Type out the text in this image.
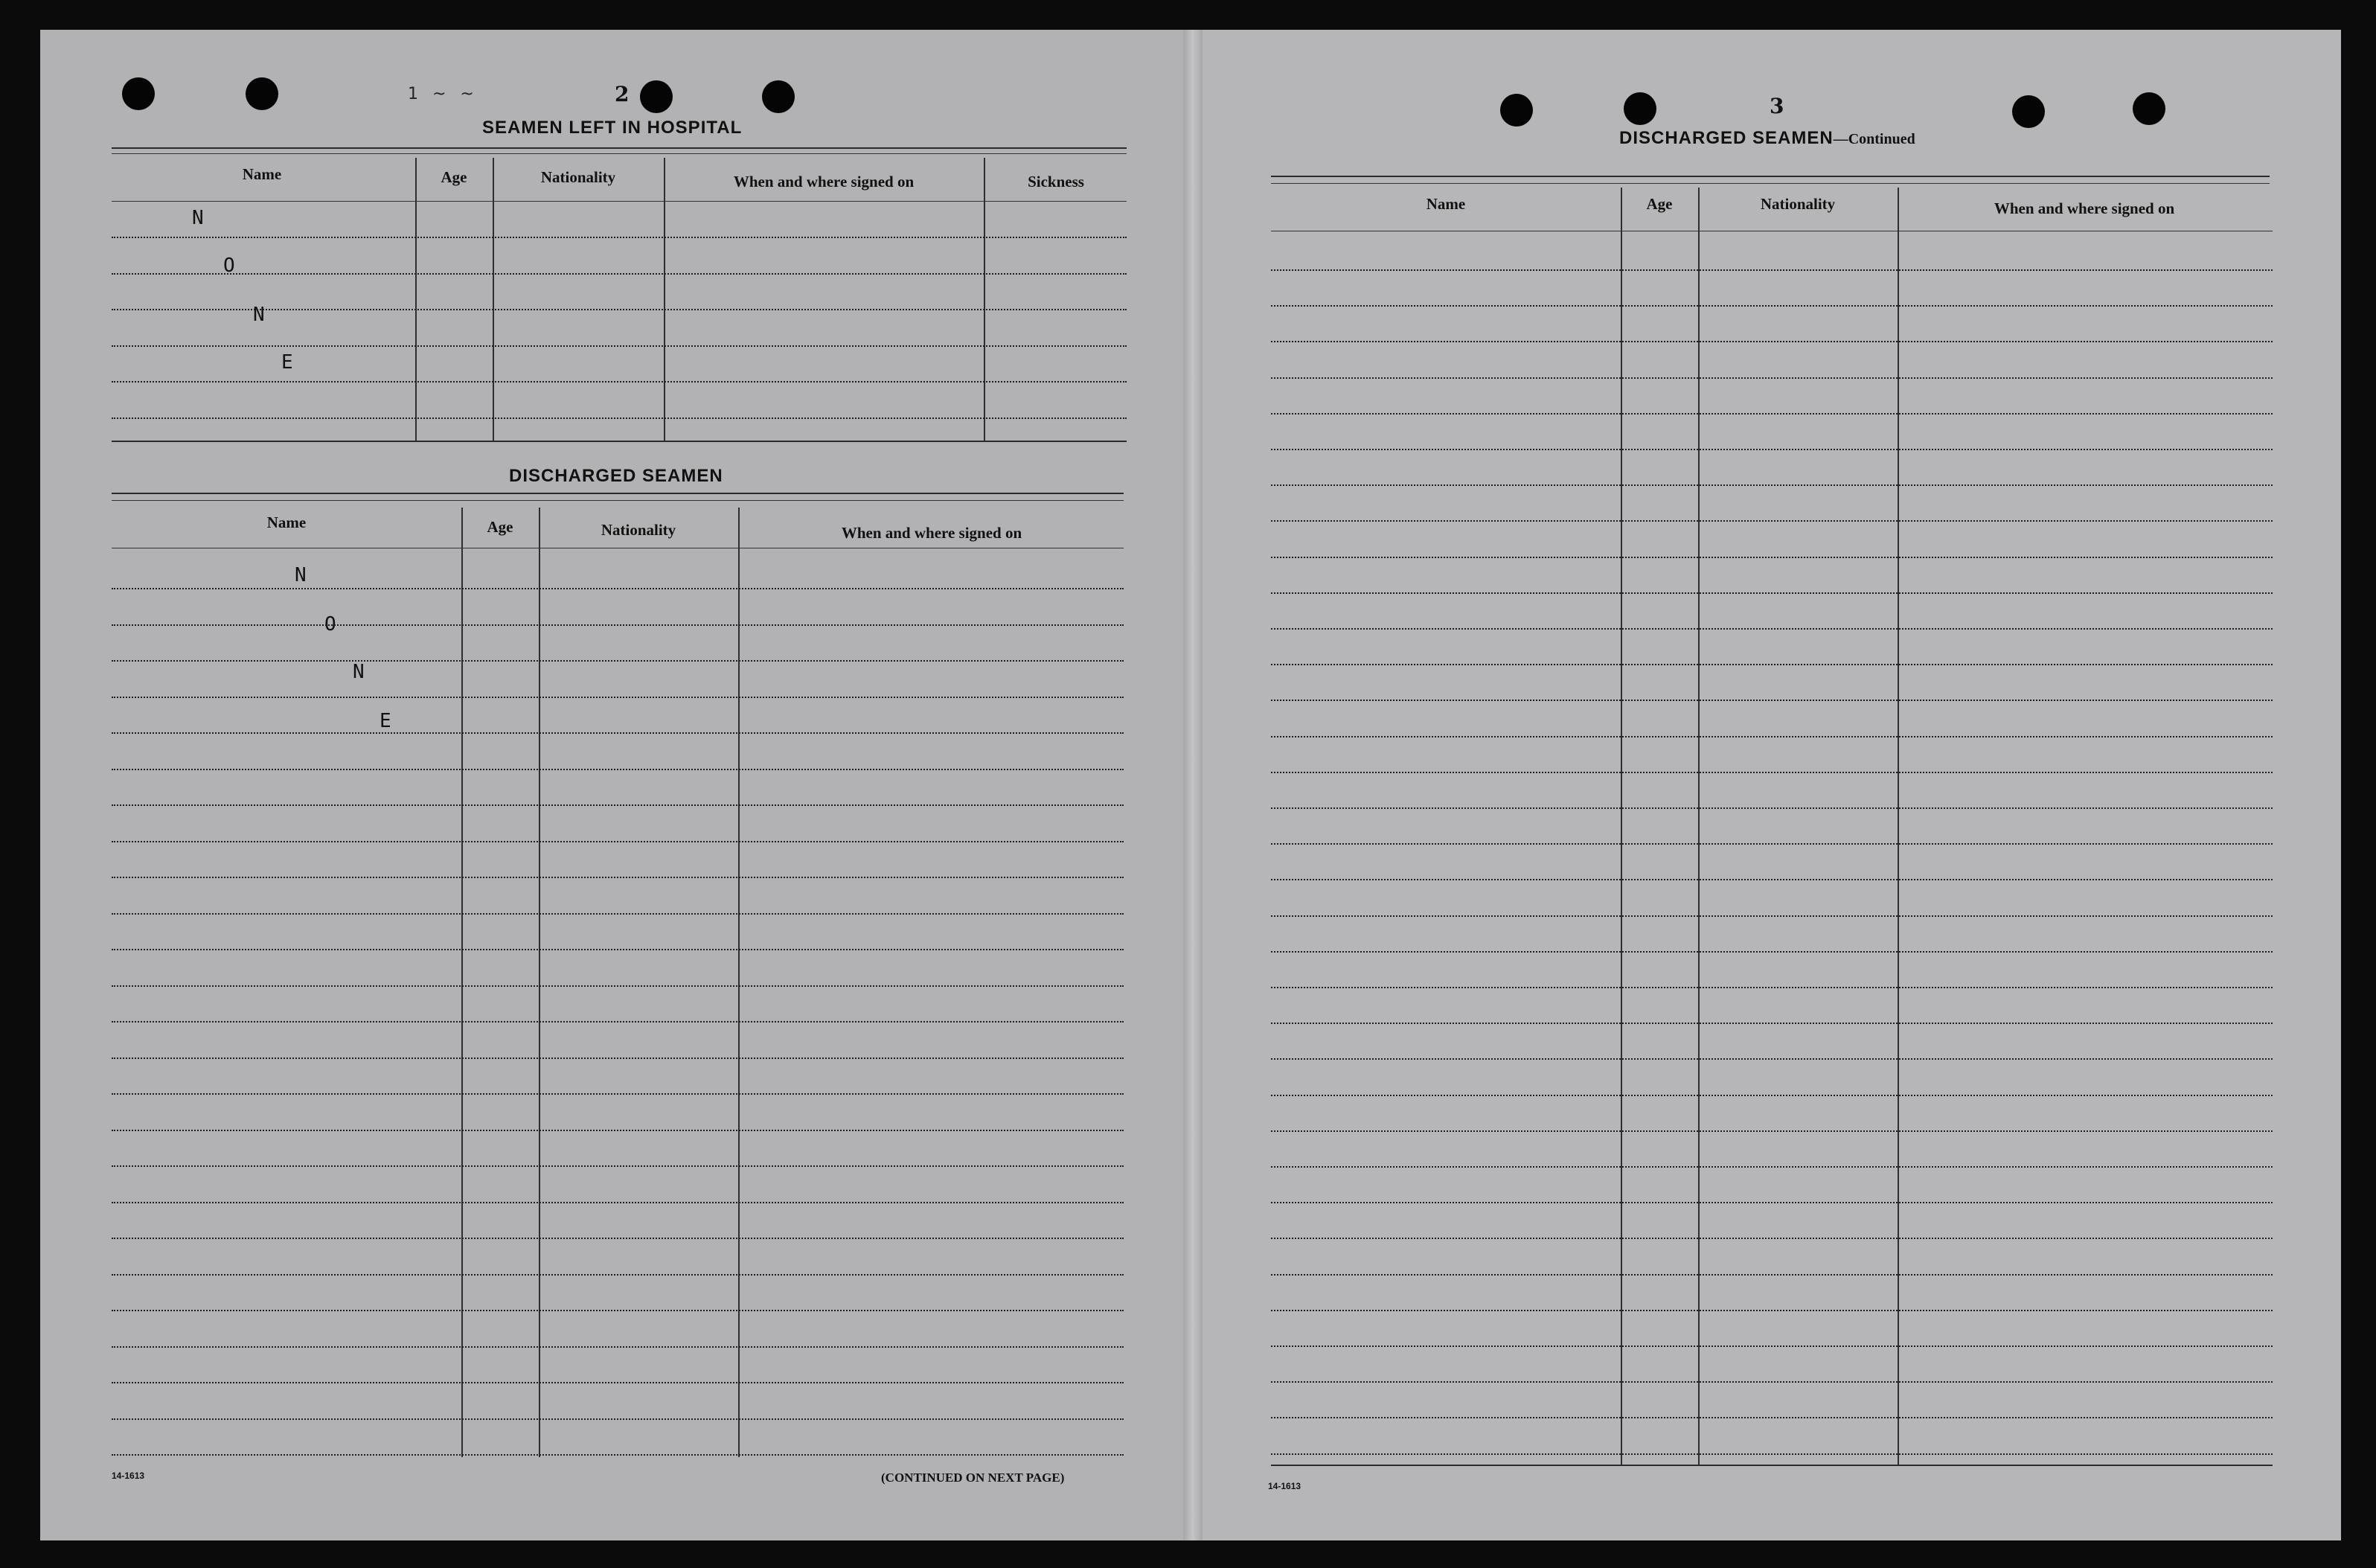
1 ~ ~	2
SEAMEN LEFT IN HOSPITAL
Name	Age	Nationality	When and where signed on	Sickness
N
O
N
E
DISCHARGED SEAMEN
Name	Age	Nationality	When and where signed on
N
O
N
E
14-1613	(CONTINUED ON NEXT PAGE)
3
DISCHARGED SEAMEN—Continued
Name	Age	Nationality	When and where signed on
14-1613
